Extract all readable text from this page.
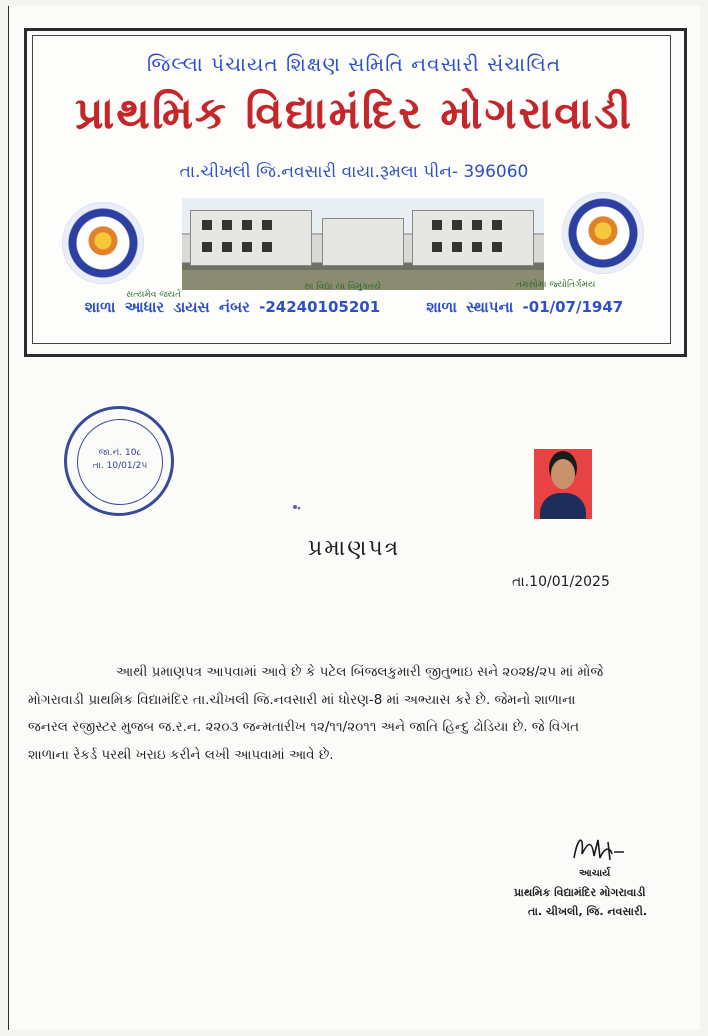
જિલ્લા પંચાયત શિક્ષણ સમિતિ નવસારી સંચાલિત
પ્રાથમિક વિદ્યામંદિર મોગરાવાડી
તા.ચીખલી જિ.નવસારી વાયા.રૂમલા પીન- 396060
સત્યમેવ જયતે
સા વિદ્યા યા વિમુક્તયે	તમસોમા જ્યોતિર્ગમય
શાળા આધાર ડાયસ નંબર -24240105201	શાળા સ્થાપના -01/07/1947
જા.નં. 10૮
તા. 10/01/2૫
પ્રમાણપત્ર
તા.10/01/2025
આથી પ્રમાણપત્ર આપવામાં આવે છે કે પટેલ બિંજલકુમારી જીતુભાઇ સને ૨૦૨૪/૨૫ માં મોજે
મોગરાવાડી પ્રાથમિક વિદ્યામંદિર તા.ચીખલી જિ.નવસારી માં ધોરણ-8 માં અભ્યાસ કરે છે. જેમનો શાળાના
જનરલ રજીસ્ટર મુજબ જ.ર.ન. ૨૨૦૩ જન્મતારીખ ૧૨/૧૧/૨૦૧૧ અને જાતિ હિન્દુ ઢોડિયા છે. જે વિગત
શાળાના રેકર્ડ પરથી ખરાઇ કરીને લખી આપવામાં આવે છે.
આચાર્ય
પ્રાથમિક વિદ્યામંદિર મોગરાવાડી
તા. ચીખલી, જિ. નવસારી.
